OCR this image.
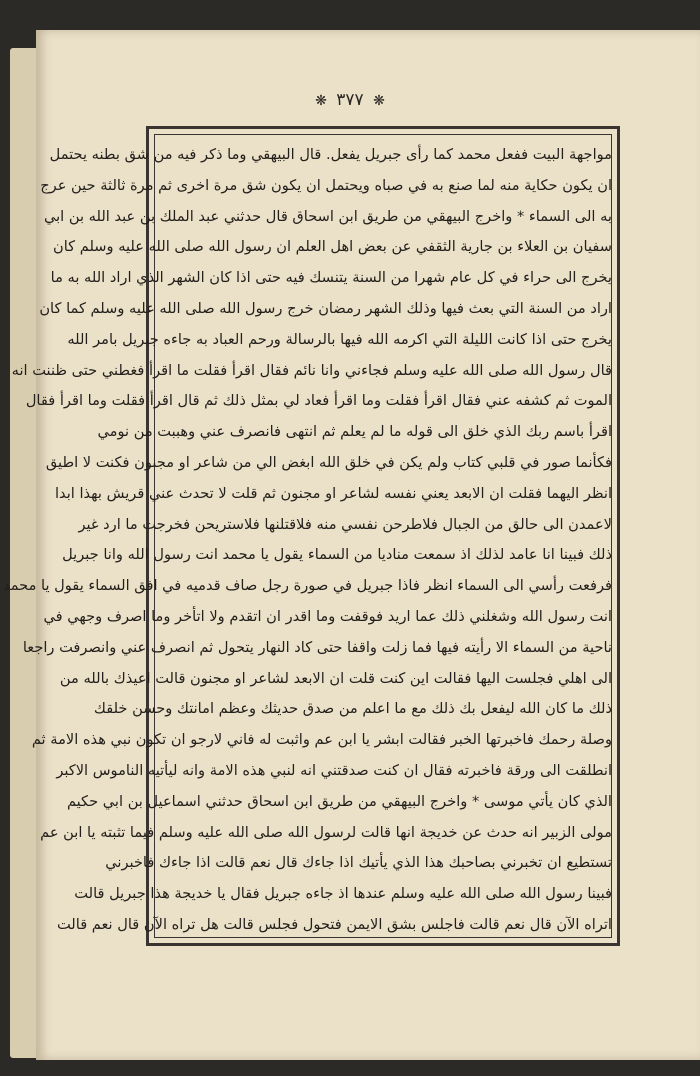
❋ ٣٧٧ ❋
مواجهة البيت ففعل محمد كما رأى جبريل يفعل. قال البيهقي وما ذكر فيه من شق بطنه يحتمل
ان يكون حكاية منه لما صنع به في صباه ويحتمل ان يكون شق مرة اخرى ثم مرة ثالثة حين عرج
به الى السماء * واخرج البيهقي من طريق ابن اسحاق قال حدثني عبد الملك بن عبد الله بن ابي
سفيان بن العلاء بن جارية الثقفي عن بعض اهل العلم ان رسول الله صلى الله عليه وسلم كان
يخرج الى حراء في كل عام شهرا من السنة يتنسك فيه حتى اذا كان الشهر الذي اراد الله به ما
اراد من السنة التي بعث فيها وذلك الشهر رمضان خرج رسول الله صلى الله عليه وسلم كما كان
يخرج حتى اذا كانت الليلة التي اكرمه الله فيها بالرسالة ورحم العباد به جاءه جبريل بامر الله
قال رسول الله صلى الله عليه وسلم فجاءني وانا نائم فقال اقرأ فقلت ما اقرأ فغطني حتى ظننت انه
الموت ثم كشفه عني فقال اقرأ فقلت وما اقرأ فعاد لي بمثل ذلك ثم قال اقرأ فقلت وما اقرأ فقال
اقرأ باسم ربك الذي خلق الى قوله ما لم يعلم ثم انتهى فانصرف عني وهببت من نومي
فكأنما صور في قلبي كتاب ولم يكن في خلق الله ابغض الي من شاعر او مجنون فكنت لا اطيق
انظر اليهما فقلت ان الابعد يعني نفسه لشاعر او مجنون ثم قلت لا تحدث عني قريش بهذا ابدا
لاعمدن الى حالق من الجبال فلاطرحن نفسي منه فلاقتلنها فلاستريحن فخرجت ما ارد غير
ذلك فبينا انا عامد لذلك اذ سمعت مناديا من السماء يقول يا محمد انت رسول الله وانا جبريل
فرفعت رأسي الى السماء انظر فاذا جبريل في صورة رجل صاف قدميه في افق السماء يقول يا محمد
انت رسول الله وشغلني ذلك عما اريد فوقفت وما اقدر ان اتقدم ولا اتأخر وما اصرف وجهي في
ناحية من السماء الا رأيته فيها فما زلت واقفا حتى كاد النهار يتحول ثم انصرف عني وانصرفت راجعا
الى اهلي فجلست اليها فقالت اين كنت قلت ان الابعد لشاعر او مجنون قالت اعيذك بالله من
ذلك ما كان الله ليفعل بك ذلك مع ما اعلم من صدق حديثك وعظم امانتك وحسن خلقك
وصلة رحمك فاخبرتها الخبر فقالت ابشر يا ابن عم واثبت له فاني لارجو ان تكون نبي هذه الامة ثم
انطلقت الى ورقة فاخبرته فقال ان كنت صدقتني انه لنبي هذه الامة وانه ليأتيه الناموس الاكبر
الذي كان يأتي موسى * واخرج البيهقي من طريق ابن اسحاق حدثني اسماعيل بن ابي حكيم
مولى الزبير انه حدث عن خديجة انها قالت لرسول الله صلى الله عليه وسلم فيما تثبته يا ابن عم
تستطيع ان تخبرني بصاحبك هذا الذي يأتيك اذا جاءك قال نعم قالت اذا جاءك فاخبرني
فبينا رسول الله صلى الله عليه وسلم عندها اذ جاءه جبريل فقال يا خديجة هذا جبريل قالت
اتراه الآن قال نعم قالت فاجلس بشق الايمن فتحول فجلس قالت هل تراه الآن قال نعم قالت
